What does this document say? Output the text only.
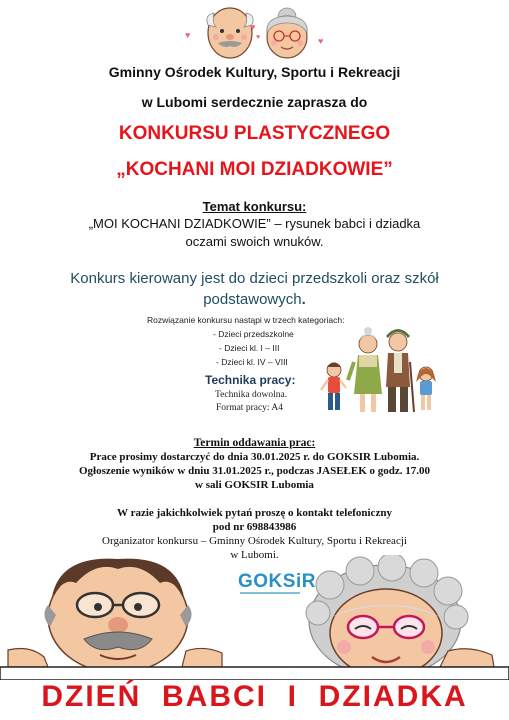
♥
♥
♥	♥
Gminny Ośrodek Kultury, Sportu i Rekreacji
w Lubomi serdecznie zaprasza do
KONKURSU PLASTYCZNEGO
„KOCHANI MOI DZIADKOWIE”
Temat konkursu:
„MOI KOCHANI DZIADKOWIE” – rysunek babci i dziadka
oczami swoich wnuków.
Konkurs kierowany jest do dzieci przedszkoli oraz szkół
podstawowych.
Rozwiązanie konkursu nastąpi w trzech kategoriach:
- Dzieci przedszkolne
- Dzieci kl. I – III
- Dzieci kl. IV – VIII
Technika pracy:
Technika dowolna.
Format pracy: A4
Termin oddawania prac:
Prace prosimy dostarczyć do dnia 30.01.2025 r. do GOKSIR Lubomia.
Ogłoszenie wyników w dniu 31.01.2025 r., podczas JASEŁEK o godz. 17.00
w sali GOKSIR Lubomia
W razie jakichkolwiek pytań proszę o kontakt telefoniczny
pod nr 698843986
Organizator konkursu – Gminny Ośrodek Kultury, Sportu i Rekreacji
w Lubomi.
GOKSiR
DZIEŃ  BABCI  I  DZIADKA
